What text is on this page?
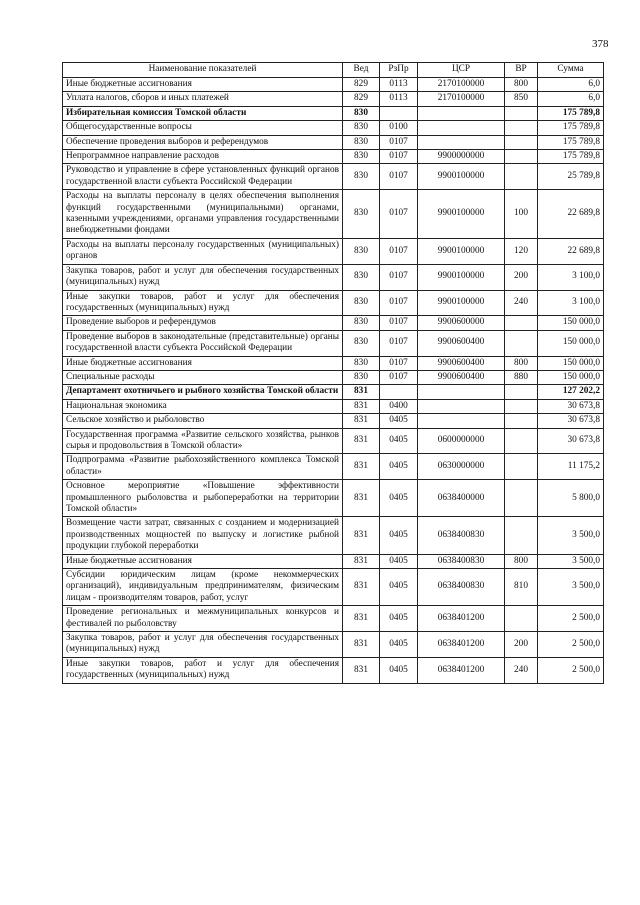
378
Наименование показателей	Вед	РзПр	ЦСР	ВР	Сумма
Иные бюджетные ассигнования	829	0113	2170100000	800	6,0
Уплата налогов, сборов и иных платежей	829	0113	2170100000	850	6,0
Избирательная комиссия Томской области	830				175 789,8
Общегосударственные вопросы	830	0100			175 789,8
Обеспечение проведения выборов и референдумов	830	0107			175 789,8
Непрограммное направление расходов	830	0107	9900000000		175 789,8
Руководство и управление в сфере установленных функций органов государственной власти субъекта Российской Федерации	830	0107	9900100000		25 789,8
Расходы на выплаты персоналу в целях обеспечения выполнения функций государственными (муниципальными) органами, казенными учреждениями, органами управления государственными внебюджетными фондами	830	0107	9900100000	100	22 689,8
Расходы на выплаты персоналу государственных (муниципальных) органов	830	0107	9900100000	120	22 689,8
Закупка товаров, работ и услуг для обеспечения государственных (муниципальных) нужд	830	0107	9900100000	200	3 100,0
Иные закупки товаров, работ и услуг для обеспечения государственных (муниципальных) нужд	830	0107	9900100000	240	3 100,0
Проведение выборов и референдумов	830	0107	9900600000		150 000,0
Проведение выборов в законодательные (представительные) органы государственной власти субъекта Российской Федерации	830	0107	9900600400		150 000,0
Иные бюджетные ассигнования	830	0107	9900600400	800	150 000,0
Специальные расходы	830	0107	9900600400	880	150 000,0
Департамент охотничьего и рыбного хозяйства Томской области	831				127 202,2
Национальная экономика	831	0400			30 673,8
Сельское хозяйство и рыболовство	831	0405			30 673,8
Государственная программа «Развитие сельского хозяйства, рынков сырья и продовольствия в Томской области»	831	0405	0600000000		30 673,8
Подпрограмма «Развитие рыбохозяйственного комплекса Томской области»	831	0405	0630000000		11 175,2
Основное мероприятие «Повышение эффективности промышленного рыболовства и рыбопереработки на территории Томской области»	831	0405	0638400000		5 800,0
Возмещение части затрат, связанных с созданием и модернизацией производственных мощностей по выпуску и логистике рыбной продукции глубокой переработки	831	0405	0638400830		3 500,0
Иные бюджетные ассигнования	831	0405	0638400830	800	3 500,0
Субсидии юридическим лицам (кроме некоммерческих организаций), индивидуальным предпринимателям, физическим лицам - производителям товаров, работ, услуг	831	0405	0638400830	810	3 500,0
Проведение региональных и межмуниципальных конкурсов и фестивалей по рыболовству	831	0405	0638401200		2 500,0
Закупка товаров, работ и услуг для обеспечения государственных (муниципальных) нужд	831	0405	0638401200	200	2 500,0
Иные закупки товаров, работ и услуг для обеспечения государственных (муниципальных) нужд	831	0405	0638401200	240	2 500,0
